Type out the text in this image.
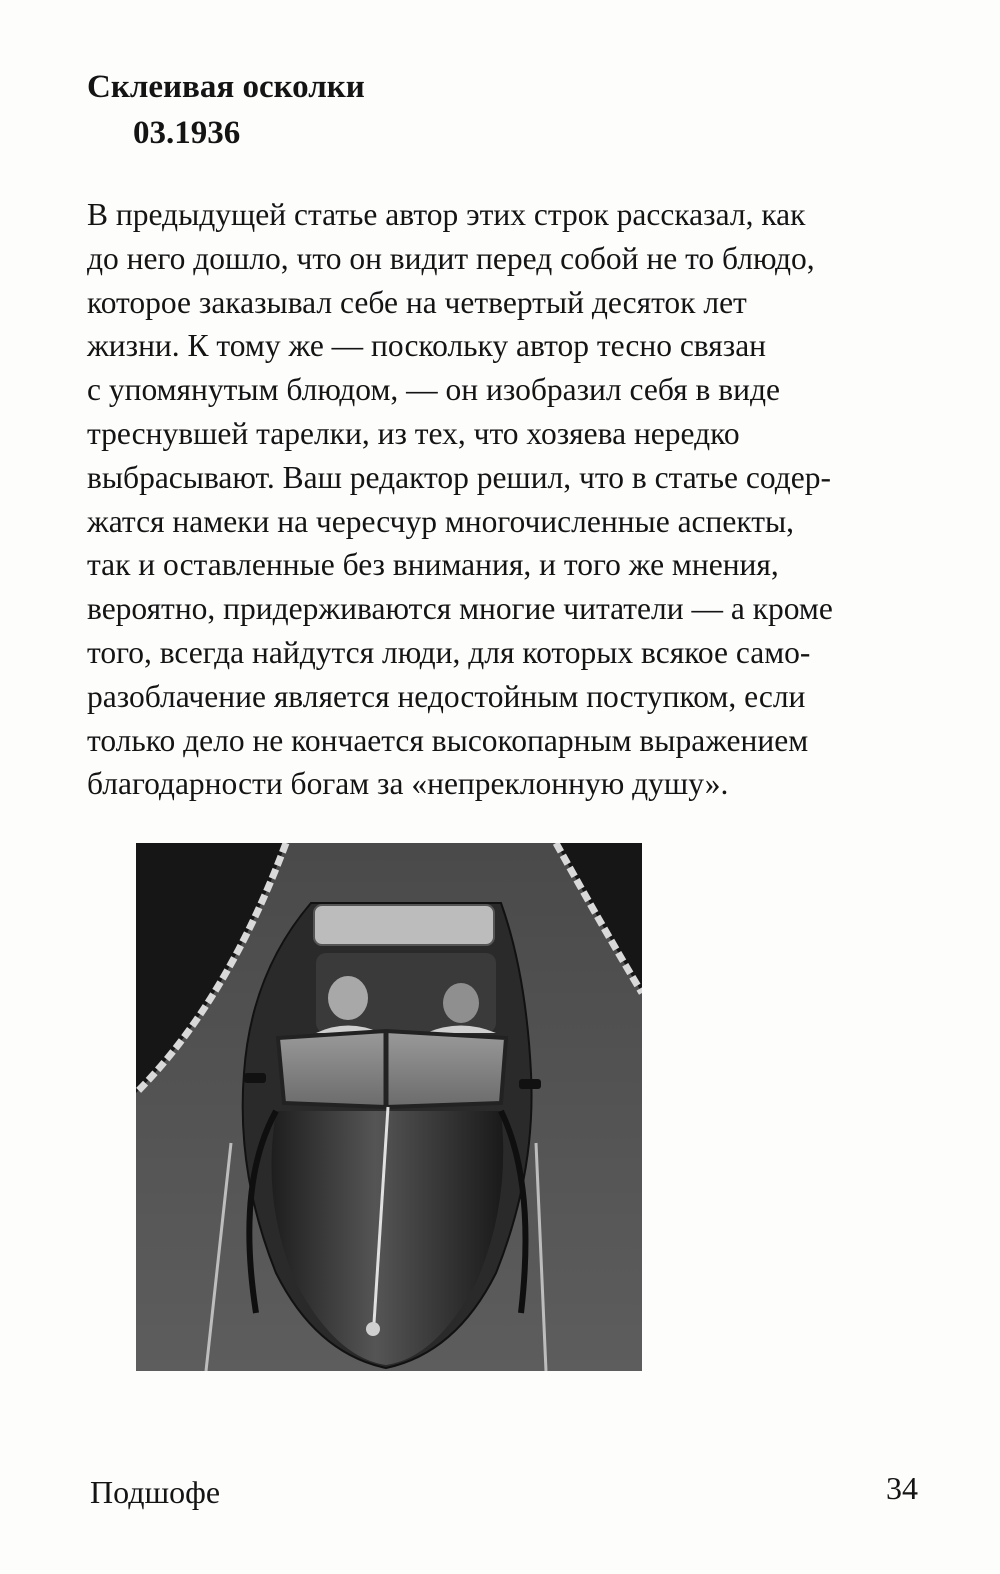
Склеивая осколки
03.1936

В предыдущей статье автор этих строк рассказал, как
до него дошло, что он видит перед собой не то блюдо,
которое заказывал себе на четвертый десяток лет
жизни. К тому же — поскольку автор тесно связан
с упомянутым блюдом, — он изобразил себя в виде
треснувшей тарелки, из тех, что хозяева нередко
выбрасывают. Ваш редактор решил, что в статье содер-
жатся намеки на чересчур многочисленные аспекты,
так и оставленные без внимания, и того же мнения,
вероятно, придерживаются многие читатели — а кроме
того, всегда найдутся люди, для которых всякое само-
разоблачение является недостойным поступком, если
только дело не кончается высокопарным выражением
благодарности богам за «непреклонную душу».

Подшофе	34
